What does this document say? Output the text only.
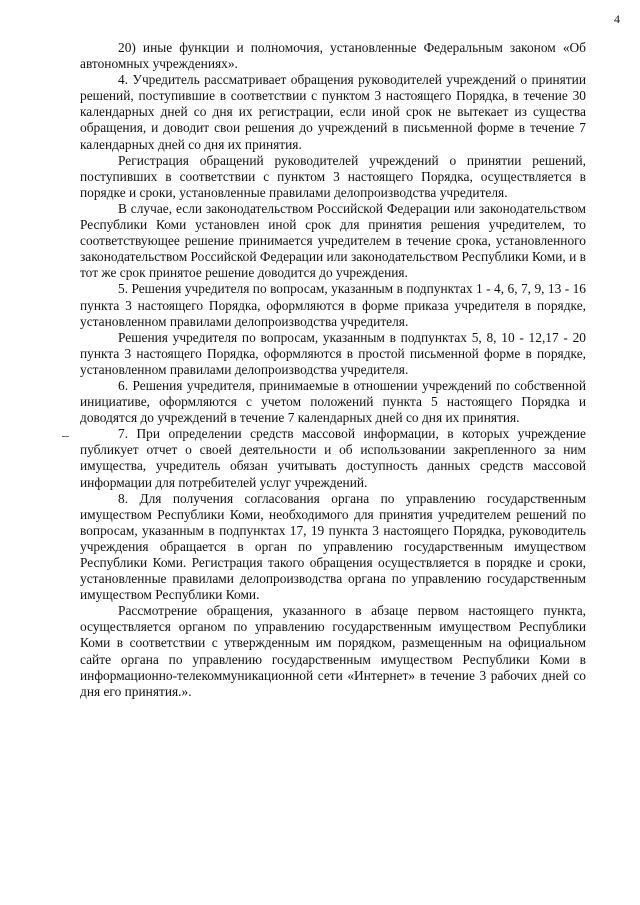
4

20) иные функции и полномочия, установленные Федеральным законом «Об автономных учреждениях».

4. Учредитель рассматривает обращения руководителей учреждений о принятии решений, поступившие в соответствии с пунктом 3 настоящего Порядка, в течение 30 календарных дней со дня их регистрации, если иной срок не вытекает из существа обращения, и доводит свои решения до учреждений в письменной форме в течение 7 календарных дней со дня их принятия.

Регистрация обращений руководителей учреждений о принятии решений, поступивших в соответствии с пунктом 3 настоящего Порядка, осуществляется в порядке и сроки, установленные правилами делопроизводства учредителя.

В случае, если законодательством Российской Федерации или законодательством Республики Коми установлен иной срок для принятия решения учредителем, то соответствующее решение принимается учредителем в течение срока, установленного законодательством Российской Федерации или законодательством Республики Коми, и в тот же срок принятое решение доводится до учреждения.

5. Решения учредителя по вопросам, указанным в подпунктах 1 - 4, 6, 7, 9, 13 - 16 пункта 3 настоящего Порядка, оформляются в форме приказа учредителя в порядке, установленном правилами делопроизводства учредителя.

Решения учредителя по вопросам, указанным в подпунктах 5, 8, 10 - 12,17 - 20 пункта 3 настоящего Порядка, оформляются в простой письменной форме в порядке, установленном правилами делопроизводства учредителя.

6. Решения учредителя, принимаемые в отношении учреждений по собственной инициативе, оформляются с учетом положений пункта 5 настоящего Порядка и доводятся до учреждений в течение 7 календарных дней со дня их принятия.

7. При определении средств массовой информации, в которых учреждение публикует отчет о своей деятельности и об использовании закрепленного за ним имущества, учредитель обязан учитывать доступность данных средств массовой информации для потребителей услуг учреждений.

8. Для получения согласования органа по управлению государственным имуществом Республики Коми, необходимого для принятия учредителем решений по вопросам, указанным в подпунктах 17, 19 пункта 3 настоящего Порядка, руководитель учреждения обращается в орган по управлению государственным имуществом Республики Коми. Регистрация такого обращения осуществляется в порядке и сроки, установленные правилами делопроизводства органа по управлению государственным имуществом Республики Коми.

Рассмотрение обращения, указанного в абзаце первом настоящего пункта, осуществляется органом по управлению государственным имуществом Республики Коми в соответствии с утвержденным им порядком, размещенным на официальном сайте органа по управлению государственным имуществом Республики Коми в информационно-телекоммуникационной сети «Интернет» в течение 3 рабочих дней со дня его принятия.».
